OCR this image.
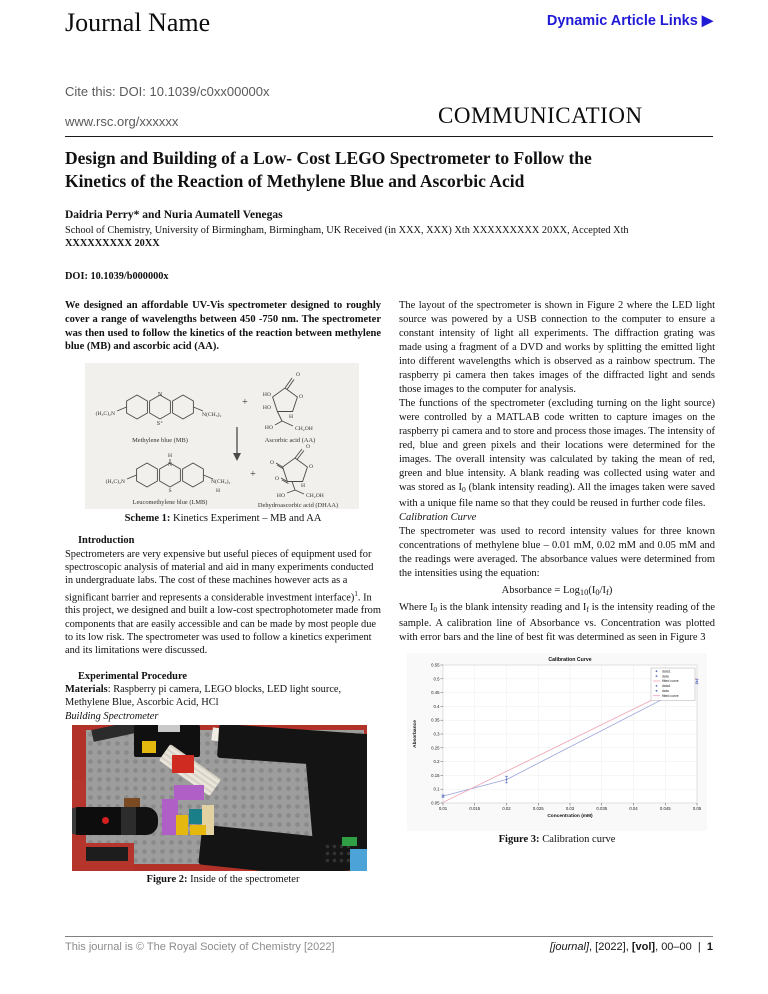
Journal Name	Dynamic Article Links ▶
Cite this: DOI: 10.1039/c0xx00000x
www.rsc.org/xxxxxx	COMMUNICATION
Design and Building of a Low- Cost LEGO Spectrometer to Follow the
Kinetics of the Reaction of Methylene Blue and Ascorbic Acid
Daidria Perry* and Nuria Aumatell Venegas
School of Chemistry, University of Birmingham, Birmingham, UK Received (in XXX, XXX) Xth XXXXXXXXX 20XX, Accepted Xth
XXXXXXXXX 20XX
DOI: 10.1039/b000000x

We designed an affordable UV-Vis spectrometer designed to roughly cover a range of wavelengths between 450 -750 nm. The spectrometer was then used to follow the kinetics of the reaction between methylene blue (MB) and ascorbic acid (AA).

N
S⁺
(H₃C)₂N	N(CH₃)₂
+
O
O
HO
HO
H
HO	CH₂OH
H
N
S
(H₃C)₂N	N(CH₃)₂
H
+
O
O
O
O
H
HO	CH₂OH
Methylene blue (MB)	Ascorbic acid (AA)
Leucomethylene blue (LMB)	Dehydroascorbic acid (DHAA)
Scheme 1: Kinetics Experiment – MB and AA

Introduction

Spectrometers are very expensive but useful pieces of equipment used for spectroscopic analysis of material and aid in many experiments conducted in undergraduate labs. The cost of these machines however acts as a significant barrier and represents a considerable investment interface)$^1$. In this project, we designed and built a low-cost spectrophotometer made from components that are easily accessible and can be made by most people due to its low risk. The spectrometer was used to follow a kinetics experiment and its limitations were discussed.

Experimental Procedure

Materials: Raspberry pi camera, LEGO blocks, LED light source, Methylene Blue, Ascorbic Acid, HCl

Building Spectrometer

Figure 2: Inside of the spectrometer

The layout of the spectrometer is shown in Figure 2 where the LED light source was powered by a USB connection to the computer to ensure a constant intensity of light all experiments. The diffraction grating was made using a fragment of a DVD and works by splitting the emitted light into different wavelengths which is observed as a rainbow spectrum. The raspberry pi camera then takes images of the diffracted light and sends those images to the computer for analysis.

The functions of the spectrometer (excluding turning on the light source) were controlled by a MATLAB code written to capture images on the raspberry pi camera and to store and process those images. The intensity of red, blue and green pixels and their locations were determined for the images. The overall intensity was calculated by taking the mean of red, green and blue intensity. A blank reading was collected using water and was stored as $I_0$ (blank intensity reading). All the images taken were saved with a unique file name so that they could be reused in further code files.

Calibration Curve

The spectrometer was used to record intensity values for three known concentrations of methylene blue – 0.01 mM, 0.02 mM and 0.05 mM and the readings were averaged. The absorbance values were determined from the intensities using the equation:

Absorbance = $Log_{10}(I_0/I_f)$

Where $I_0$ is the blank intensity reading and $I_f$ is the intensity reading of the sample. A calibration line of Absorbance vs. Concentration was plotted with error bars and the line of best fit was determined as seen in Figure 3

0.01	0.015	0.02	0.025	0.03	0.035	0.04	0.045	0.05
0.05
0.1
0.15
0.2
0.25
0.3
0.35
0.4
0.45
0.5
0.55
Calibration Curve
Concentration (mM)
Absorbance
data1
data
fitted curve
data1
data
fitted curve
Figure 3: Calibration curve
This journal is © The Royal Society of Chemistry [2022]	[journal], [2022], [vol], 00–00  |  1
